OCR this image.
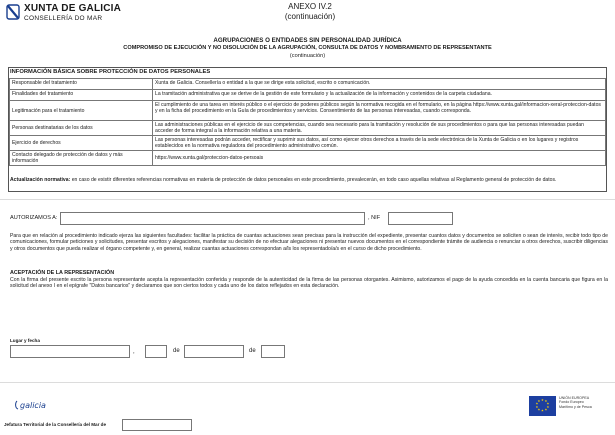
XUNTA DE GALICIA
CONSELLERÍA DO MAR
ANEXO IV.2
(continuación)
AGRUPACIONES O ENTIDADES SIN PERSONALIDAD JURÍDICA
COMPROMISO DE EJECUCIÓN Y NO DISOLUCIÓN DE LA AGRUPACIÓN, CONSULTA DE DATOS Y NOMBRAMIENTO DE REPRESENTANTE
(continuación)
INFORMACIÓN BÁSICA SOBRE PROTECCIÓN DE DATOS PERSONALES
Responsable del tratamiento	Xunta de Galicia. Consellería o entidad a la que se dirige esta solicitud, escrito o comunicación.
Finalidades del tratamiento	La tramitación administrativa que se derive de la gestión de este formulario y la actualización de la información y contenidos de la carpeta ciudadana.
Legitimación para el tratamiento	El cumplimiento de una tarea en interés público o el ejercicio de poderes públicos según la normativa recogida en el formulario, en la página https://www.xunta.gal/informacion-xeral-proteccion-datos y en la ficha del procedimiento en la Guía de procedimientos y servicios. Consentimiento de las personas interesadas, cuando corresponda.
Personas destinatarias de los datos	Las administraciones públicas en el ejercicio de sus competencias, cuando sea necesario para la tramitación y resolución de sus procedimientos o para que las personas interesadas puedan acceder de forma integral a la información relativa a una materia.
Ejercicio de derechos	Las personas interesadas podrán acceder, rectificar y suprimir sus datos, así como ejercer otros derechos a través de la sede electrónica de la Xunta de Galicia o en los lugares y registros establecidos en la normativa reguladora del procedimiento administrativo común.
Contacto delegado de protección de datos y más información	https://www.xunta.gal/proteccion-datos-persoais
Actualización normativa: en caso de existir diferentes referencias normativas en materia de protección de datos personales en este procedimiento, prevalecerán, en todo caso aquellas relativas al Reglamento general de protección de datos.
AUTORIZAMOS A:	, NIF
Para que en relación al procedimiento indicado ejerza las siguientes facultades: facilitar la práctica de cuantas actuaciones sean precisas para la instrucción del expediente, presentar cuantos datos y documentos se soliciten o sean de interés, recibir todo tipo de comunicaciones, formular peticiones y solicitudes, presentar escritos y alegaciones, manifestar su decisión de no efectuar alegaciones ni presentar nuevos documentos en el correspondiente trámite de audiencia o renunciar a otros derechos, suscribir diligencias y otros documentos que pueda realizar el órgano competente y, en general, realizar cuantas actuaciones correspondan a/ls los representado/a/s en el curso de dicho procedimiento.
ACEPTACIÓN DE LA REPRESENTACIÓN
Con la firma del presente escrito la persona representante acepta la representación conferida y responde de la autenticidad de la firma de las personas otorgantes. Asimismo, autorizamos el pago de la ayuda concedida en la cuenta bancaria que figura en la solicitud del anexo I en el epígrafe "Datos bancarios" y declaramos que son ciertos todos y cada uno de los datos reflejados en esta declaración.
Lugar y fecha
,	de	de
galicia
★ ★
★
★
★
★
★
★
★
★
UNIÓN EUROPEA
Fondo Europeo
Marítimo y de Pesca
Jefatura Territorial de la Consellería del Mar de
